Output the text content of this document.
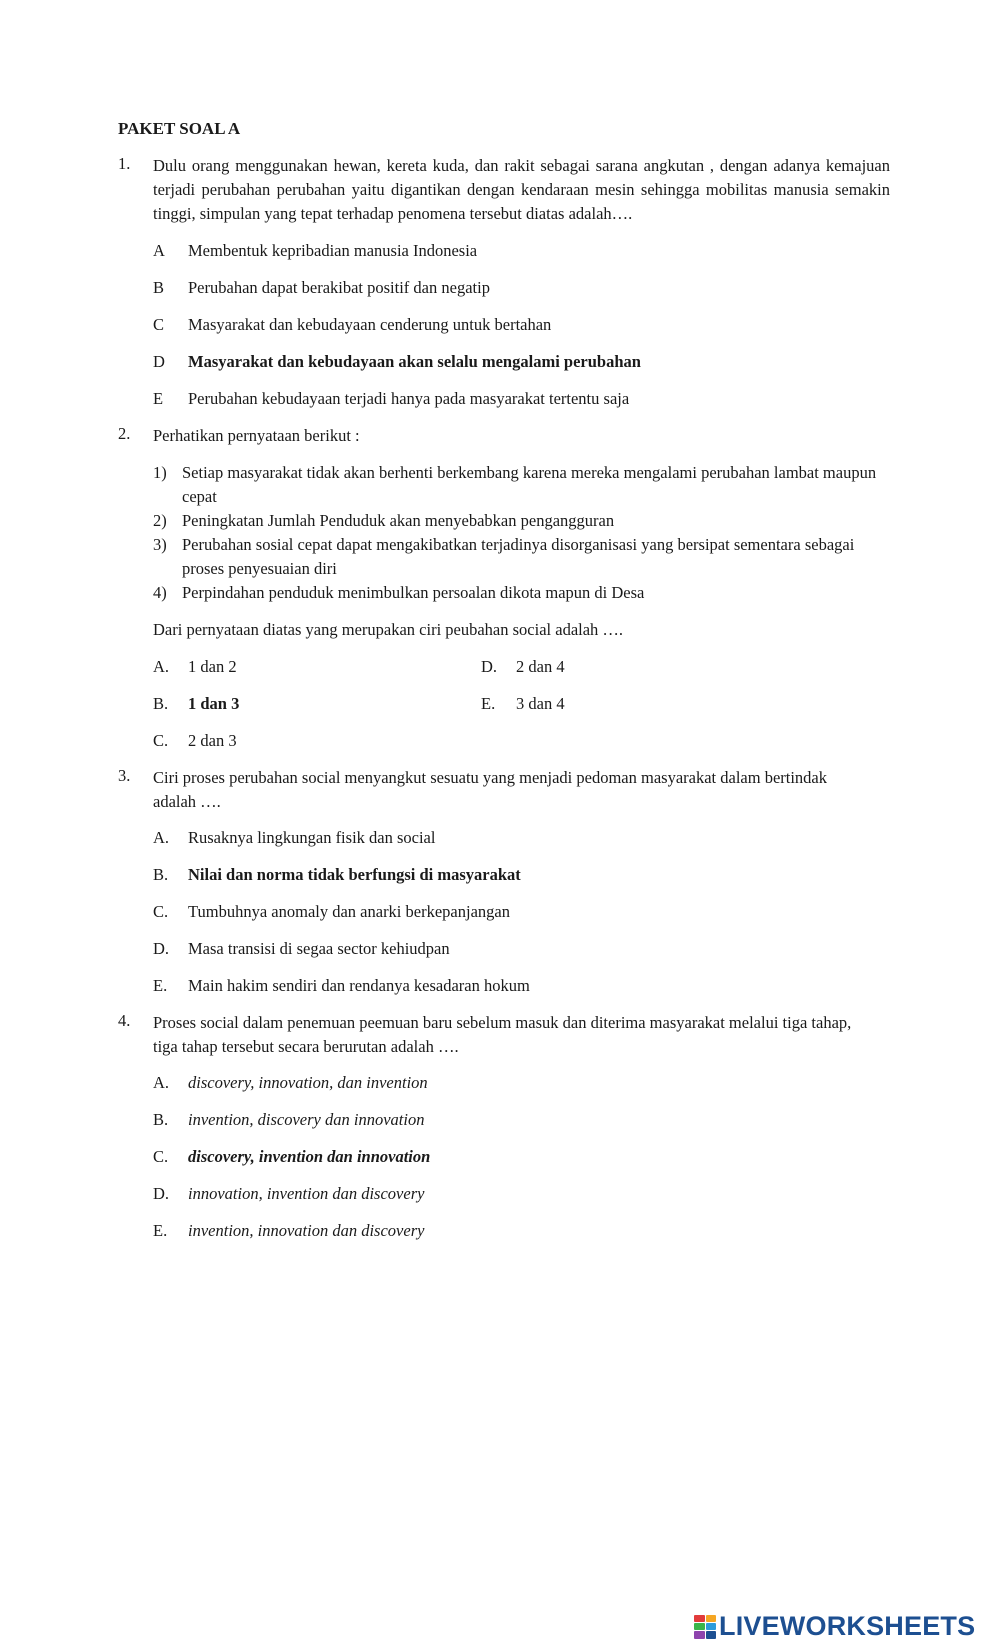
PAKET SOAL A
1. Dulu orang menggunakan hewan, kereta kuda, dan rakit sebagai sarana angkutan , dengan adanya kemajuan terjadi perubahan perubahan yaitu digantikan dengan kendaraan mesin sehingga mobilitas manusia semakin tinggi, simpulan yang tepat terhadap penomena tersebut diatas adalah….
A Membentuk kepribadian manusia Indonesia
B Perubahan dapat berakibat positif dan negatip
C Masyarakat dan kebudayaan cenderung untuk bertahan
D Masyarakat dan kebudayaan akan selalu mengalami perubahan
E Perubahan kebudayaan terjadi hanya pada masyarakat tertentu saja
2. Perhatikan pernyataan berikut :
1) Setiap masyarakat tidak akan berhenti berkembang karena mereka mengalami perubahan lambat maupun cepat
2) Peningkatan Jumlah Penduduk akan menyebabkan pengangguran
3) Perubahan sosial cepat dapat mengakibatkan terjadinya disorganisasi yang bersipat sementara sebagai proses penyesuaian diri
4) Perpindahan penduduk menimbulkan persoalan dikota mapun di Desa
Dari pernyataan diatas yang merupakan ciri peubahan social adalah ….
A. 1 dan 2
B. 1 dan 3
C. 2 dan 3
D. 2 dan 4
E. 3 dan 4
3. Ciri proses perubahan social menyangkut sesuatu yang menjadi pedoman masyarakat dalam bertindak adalah ….
A. Rusaknya lingkungan fisik dan social
B. Nilai dan norma tidak berfungsi di masyarakat
C. Tumbuhnya anomaly dan anarki berkepanjangan
D. Masa transisi di segaa sector kehiudpan
E. Main hakim sendiri dan rendanya kesadaran hokum
4. Proses social dalam penemuan peemuan baru sebelum masuk dan diterima masyarakat melalui tiga tahap, tiga tahap tersebut secara berurutan adalah ….
A. discovery, innovation, dan invention
B. invention, discovery dan innovation
C. discovery, invention dan innovation
D. innovation, invention dan discovery
E. invention, innovation dan discovery
LIVEWORKSHEETS
